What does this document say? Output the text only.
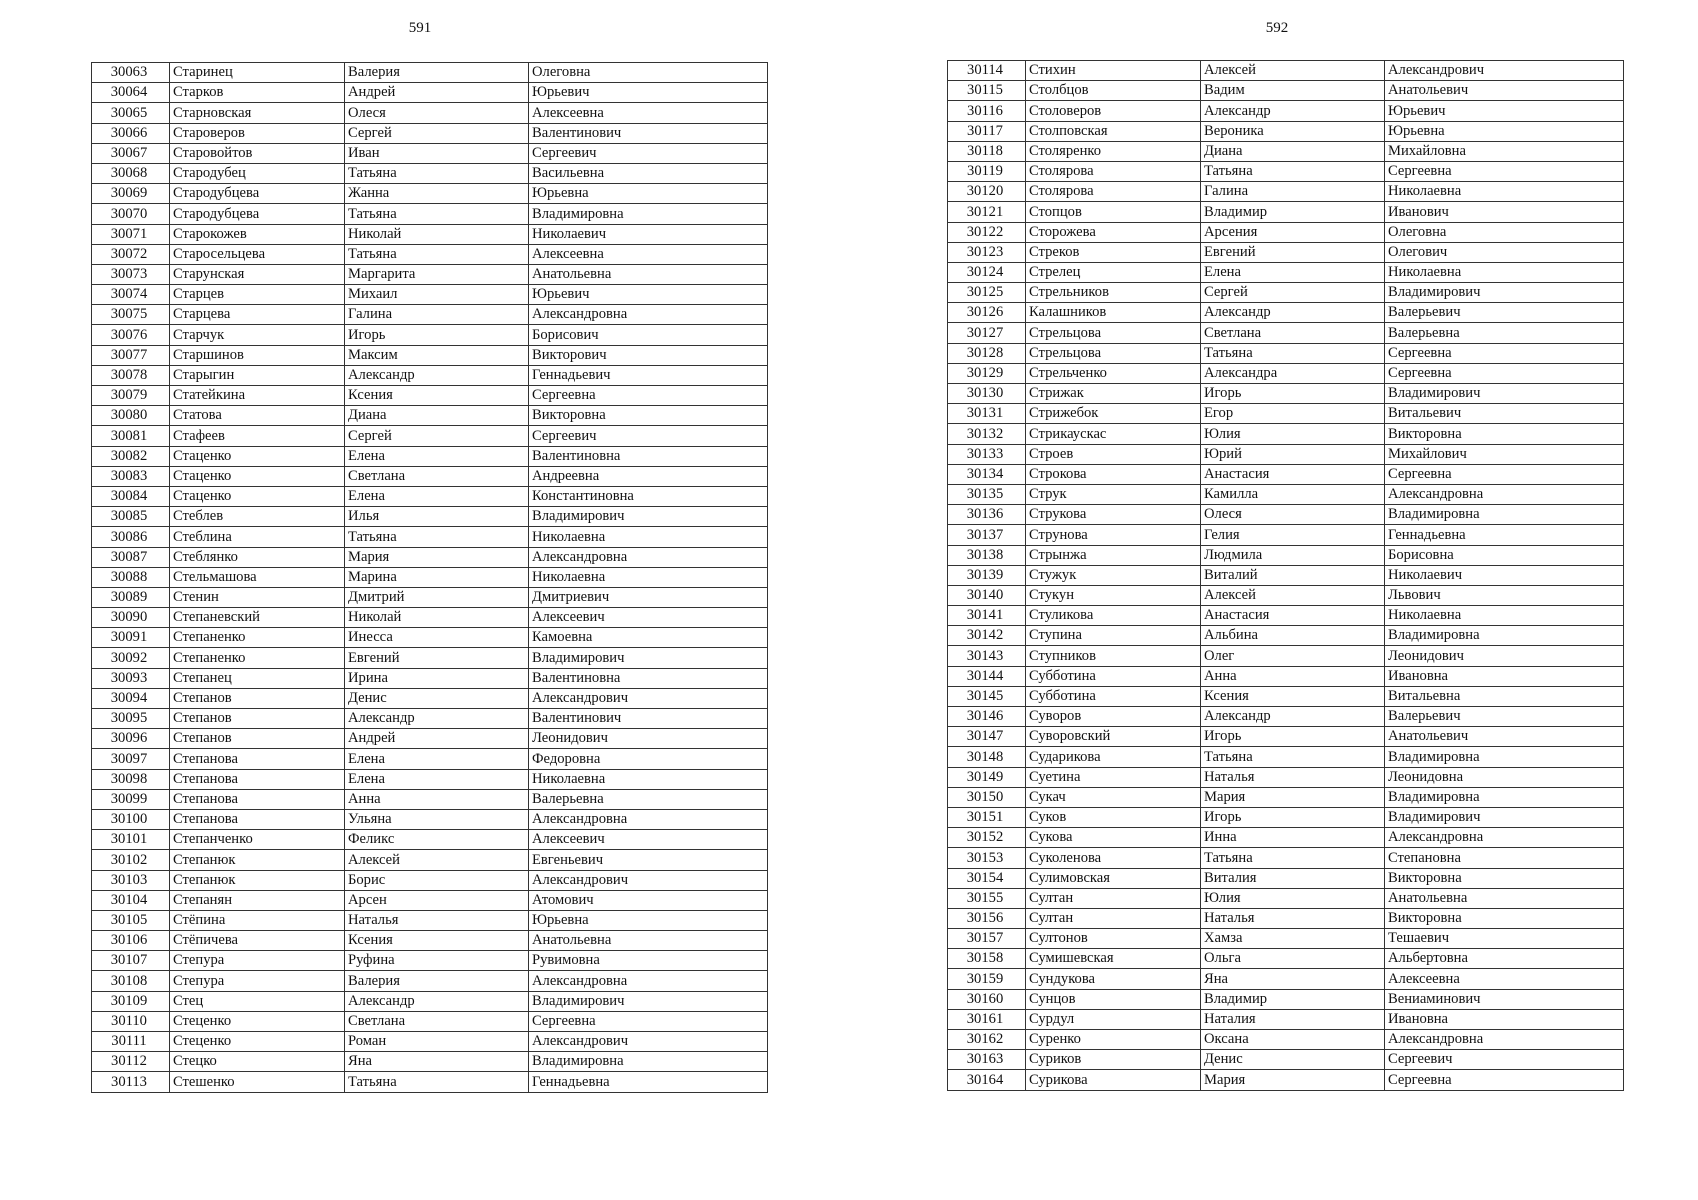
591	592
30063	Старинец	Валерия	Олеговна
30064	Старков	Андрей	Юрьевич
30065	Старновская	Олеся	Алексеевна
30066	Староверов	Сергей	Валентинович
30067	Старовойтов	Иван	Сергеевич
30068	Стародубец	Татьяна	Васильевна
30069	Стародубцева	Жанна	Юрьевна
30070	Стародубцева	Татьяна	Владимировна
30071	Старокожев	Николай	Николаевич
30072	Старосельцева	Татьяна	Алексеевна
30073	Старунская	Маргарита	Анатольевна
30074	Старцев	Михаил	Юрьевич
30075	Старцева	Галина	Александровна
30076	Старчук	Игорь	Борисович
30077	Старшинов	Максим	Викторович
30078	Старыгин	Александр	Геннадьевич
30079	Статейкина	Ксения	Сергеевна
30080	Статова	Диана	Викторовна
30081	Стафеев	Сергей	Сергеевич
30082	Стаценко	Елена	Валентиновна
30083	Стаценко	Светлана	Андреевна
30084	Стаценко	Елена	Константиновна
30085	Стеблев	Илья	Владимирович
30086	Стеблина	Татьяна	Николаевна
30087	Стеблянко	Мария	Александровна
30088	Стельмашова	Марина	Николаевна
30089	Стенин	Дмитрий	Дмитриевич
30090	Степаневский	Николай	Алексеевич
30091	Степаненко	Инесса	Камоевна
30092	Степаненко	Евгений	Владимирович
30093	Степанец	Ирина	Валентиновна
30094	Степанов	Денис	Александрович
30095	Степанов	Александр	Валентинович
30096	Степанов	Андрей	Леонидович
30097	Степанова	Елена	Федоровна
30098	Степанова	Елена	Николаевна
30099	Степанова	Анна	Валерьевна
30100	Степанова	Ульяна	Александровна
30101	Степанченко	Феликс	Алексеевич
30102	Степанюк	Алексей	Евгеньевич
30103	Степанюк	Борис	Александрович
30104	Степанян	Арсен	Атомович
30105	Стёпина	Наталья	Юрьевна
30106	Стёпичева	Ксения	Анатольевна
30107	Степура	Руфина	Рувимовна
30108	Степура	Валерия	Александровна
30109	Стец	Александр	Владимирович
30110	Стеценко	Светлана	Сергеевна
30111	Стеценко	Роман	Александрович
30112	Стецко	Яна	Владимировна
30113	Стешенко	Татьяна	Геннадьевна
30114	Стихин	Алексей	Александрович
30115	Столбцов	Вадим	Анатольевич
30116	Столоверов	Александр	Юрьевич
30117	Столповская	Вероника	Юрьевна
30118	Столяренко	Диана	Михайловна
30119	Столярова	Татьяна	Сергеевна
30120	Столярова	Галина	Николаевна
30121	Стопцов	Владимир	Иванович
30122	Сторожева	Арсения	Олеговна
30123	Стреков	Евгений	Олегович
30124	Стрелец	Елена	Николаевна
30125	Стрельников	Сергей	Владимирович
30126	Калашников	Александр	Валерьевич
30127	Стрельцова	Светлана	Валерьевна
30128	Стрельцова	Татьяна	Сергеевна
30129	Стрельченко	Александра	Сергеевна
30130	Стрижак	Игорь	Владимирович
30131	Стрижебок	Егор	Витальевич
30132	Стрикаускас	Юлия	Викторовна
30133	Строев	Юрий	Михайлович
30134	Строкова	Анастасия	Сергеевна
30135	Струк	Камилла	Александровна
30136	Струкова	Олеся	Владимировна
30137	Струнова	Гелия	Геннадьевна
30138	Стрынжа	Людмила	Борисовна
30139	Стужук	Виталий	Николаевич
30140	Стукун	Алексей	Львович
30141	Стуликова	Анастасия	Николаевна
30142	Ступина	Альбина	Владимировна
30143	Ступников	Олег	Леонидович
30144	Субботина	Анна	Ивановна
30145	Субботина	Ксения	Витальевна
30146	Суворов	Александр	Валерьевич
30147	Суворовский	Игорь	Анатольевич
30148	Сударикова	Татьяна	Владимировна
30149	Суетина	Наталья	Леонидовна
30150	Сукач	Мария	Владимировна
30151	Суков	Игорь	Владимирович
30152	Сукова	Инна	Александровна
30153	Суколенова	Татьяна	Степановна
30154	Сулимовская	Виталия	Викторовна
30155	Султан	Юлия	Анатольевна
30156	Султан	Наталья	Викторовна
30157	Султонов	Хамза	Тешаевич
30158	Сумишевская	Ольга	Альбертовна
30159	Сундукова	Яна	Алексеевна
30160	Сунцов	Владимир	Вениаминович
30161	Сурдул	Наталия	Ивановна
30162	Суренко	Оксана	Александровна
30163	Суриков	Денис	Сергеевич
30164	Сурикова	Мария	Сергеевна
